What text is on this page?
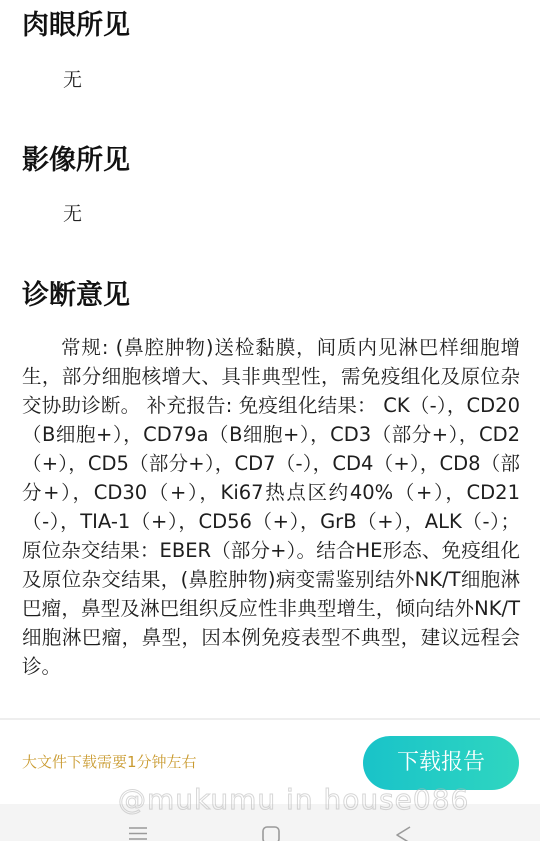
肉眼所见
无
影像所见
无
诊断意见

常规: (鼻腔肿物)送检黏膜，间质内见淋巴样细胞增生，部分细胞核增大、具非典型性，需免疫组化及原位杂交协助诊断。 补充报告: 免疫组化结果： CK（-），CD20（B细胞+），CD79a（B细胞+），CD3（部分+），CD2（+），CD5（部分+），CD7（-），CD4（+），CD8（部分+），CD30（+），Ki67热点区约40%（+），CD21（-），TIA-1（+），CD56（+），GrB（+），ALK（-）； 原位杂交结果：EBER（部分+）。结合HE形态、免疫组化及原位杂交结果，(鼻腔肿物)病变需鉴别结外NK/T细胞淋巴瘤，鼻型及淋巴组织反应性非典型增生，倾向结外NK/T细胞淋巴瘤，鼻型，因本例免疫表型不典型，建议远程会诊。

大文件下载需要1分钟左右	下载报告
@mukumu in house086
